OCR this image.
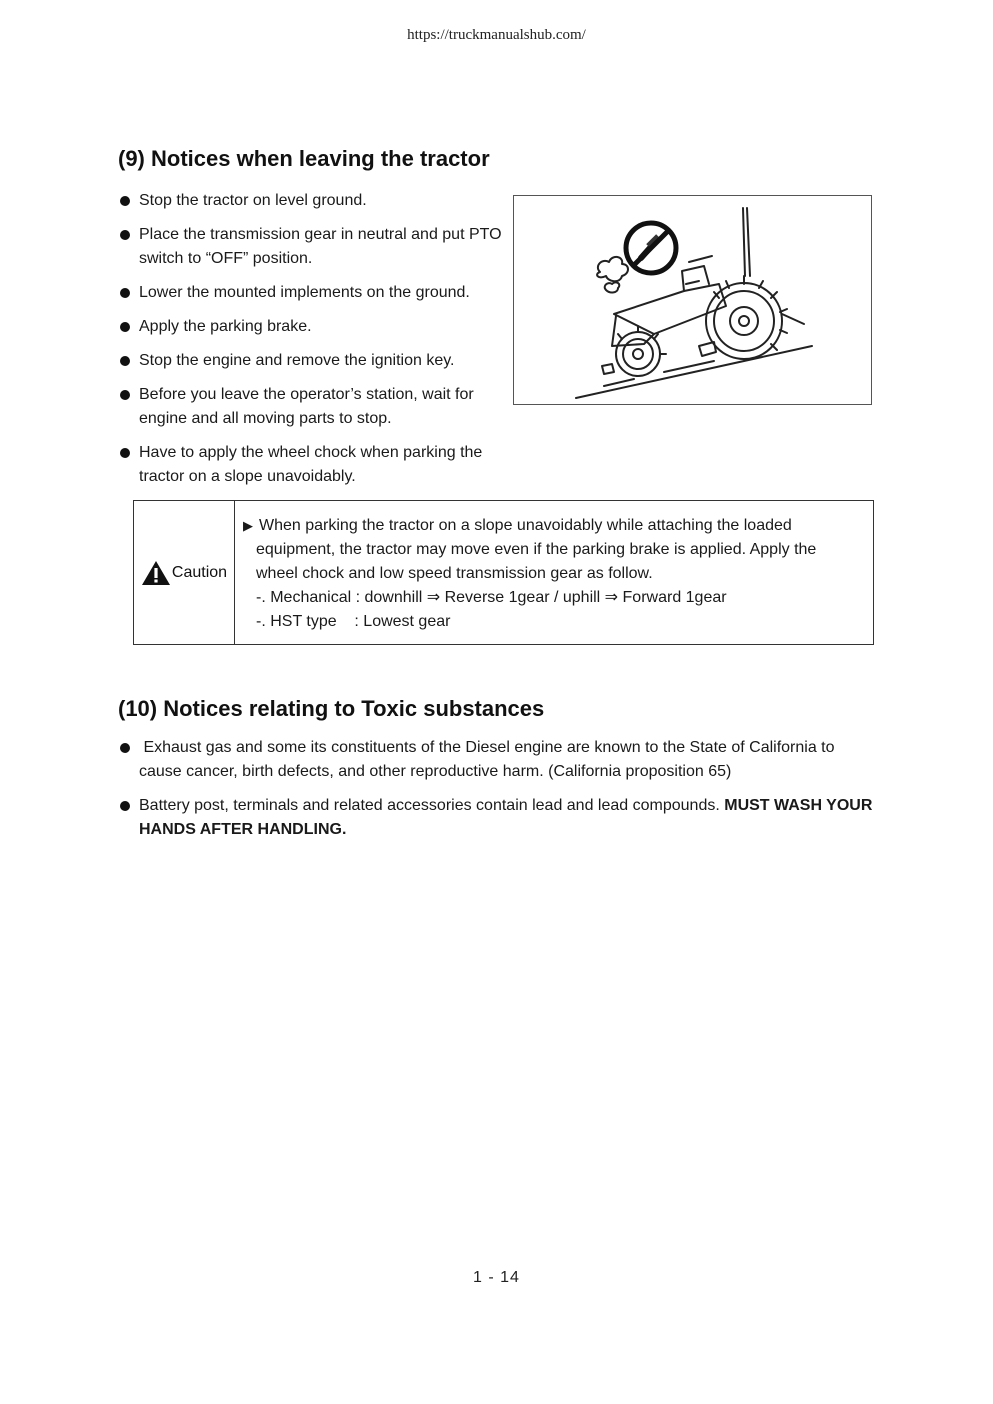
https://truckmanualshub.com/
(9) Notices when leaving the tractor
Stop the tractor on level ground.
Place the transmission gear in neutral and put PTO switch to “OFF” position.
Lower the mounted implements on the ground.
Apply the parking brake.
Stop the engine and remove the ignition key.
Before you leave the operator’s station, wait for engine and all moving parts to stop.
Have to apply the wheel chock when parking the tractor on a slope unavoidably.
Caution
▶ When parking the tractor on a slope unavoidably while attaching the loaded
equipment, the tractor may move even if the parking brake is applied. Apply the
wheel chock and low speed transmission gear as follow.
-. Mechanical : downhill ⇒ Reverse 1gear / uphill ⇒ Forward 1gear
-. HST type    : Lowest gear
(10) Notices relating to Toxic substances
Exhaust gas and some its constituents of the Diesel engine are known to the State of California to cause cancer, birth defects, and other reproductive harm. (California proposition 65)
Battery post, terminals and related accessories contain lead and lead compounds. MUST WASH YOUR HANDS AFTER HANDLING.
1 - 14
